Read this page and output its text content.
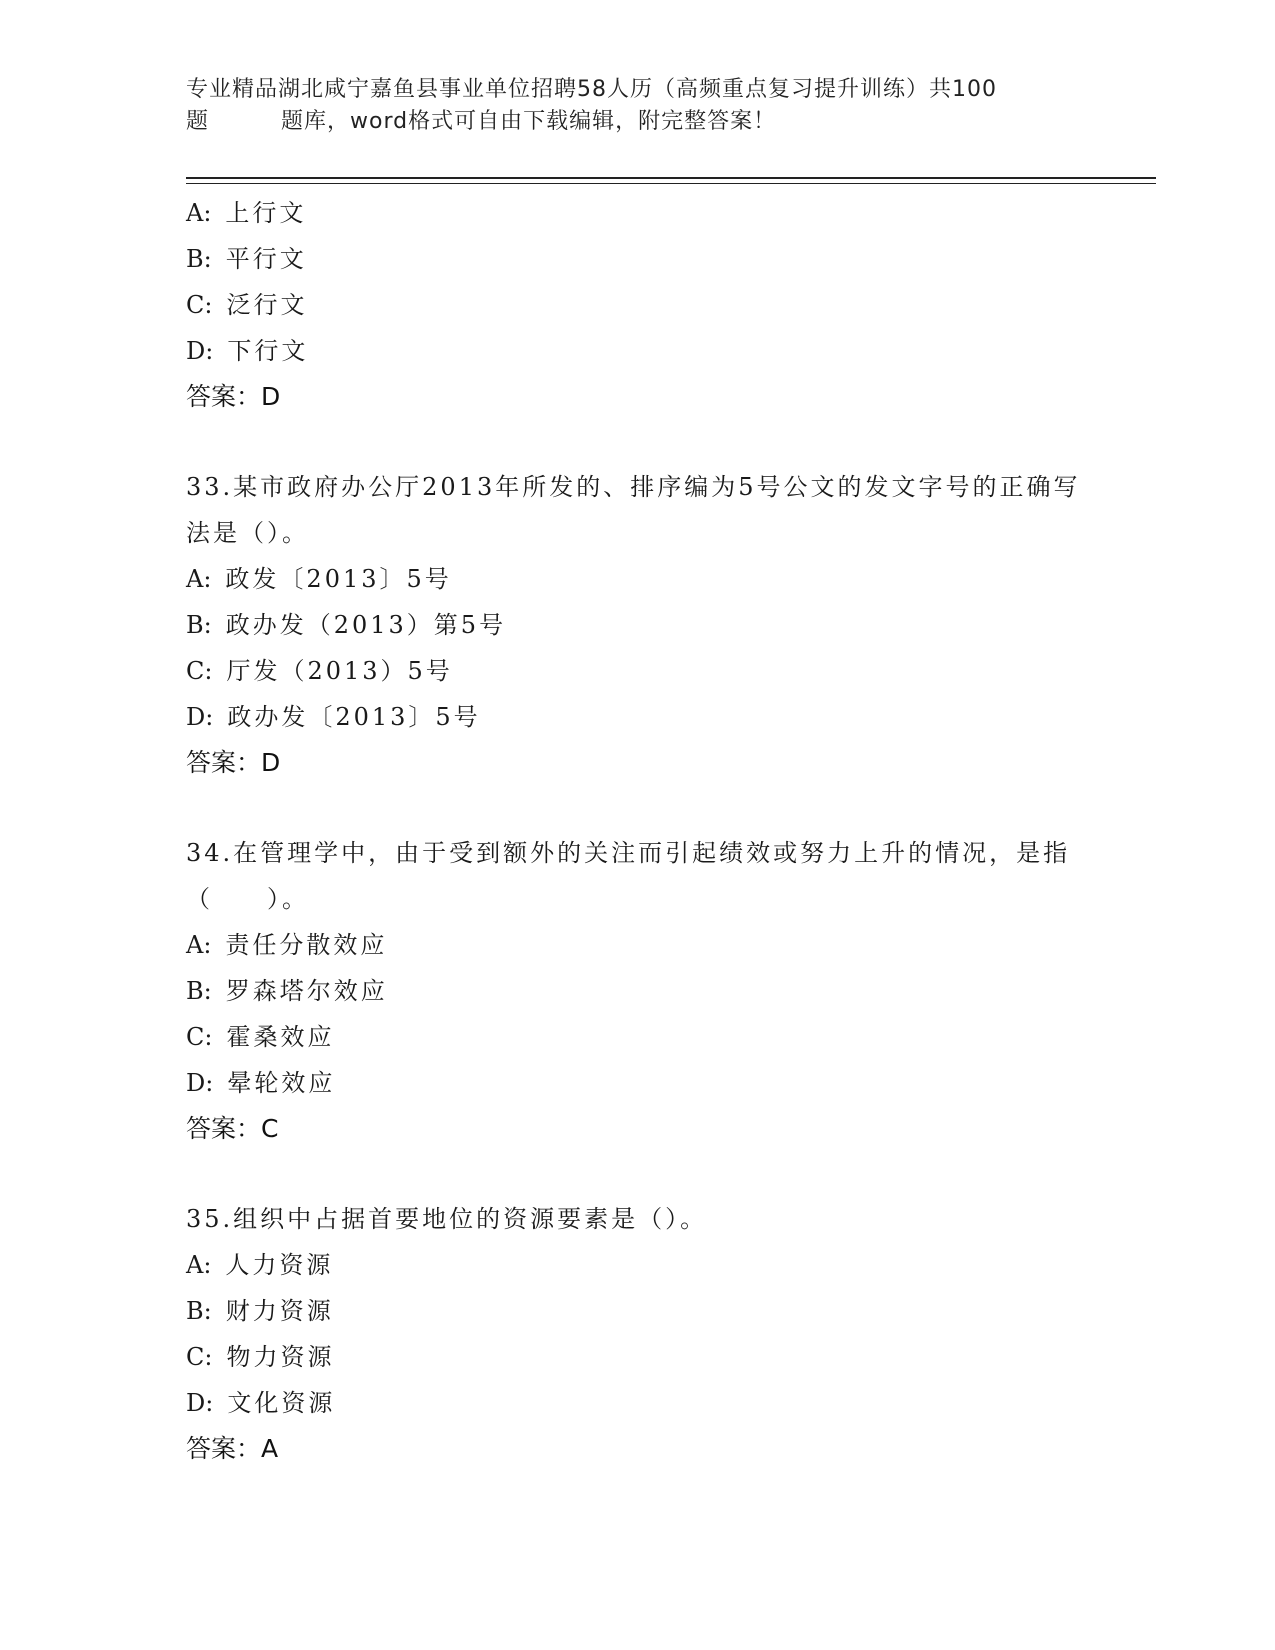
专业精品湖北咸宁嘉鱼县事业单位招聘58人历（高频重点复习提升训练）共100

题	题库，word格式可自由下载编辑，附完整答案！
A: 上行文
B: 平行文
C: 泛行文
D: 下行文
答案：D
33.某市政府办公厅2013年所发的、排序编为5号公文的发文字号的正确写法是（）。
A: 政发〔2013〕5号
B: 政办发（2013）第5号
C: 厅发（2013）5号
D: 政办发〔2013〕5号
答案：D
34.在管理学中，由于受到额外的关注而引起绩效或努力上升的情况，是指（　　）。
A: 责任分散效应
B: 罗森塔尔效应
C: 霍桑效应
D: 晕轮效应
答案：C
35.组织中占据首要地位的资源要素是（）。
A: 人力资源
B: 财力资源
C: 物力资源
D: 文化资源
答案：A
